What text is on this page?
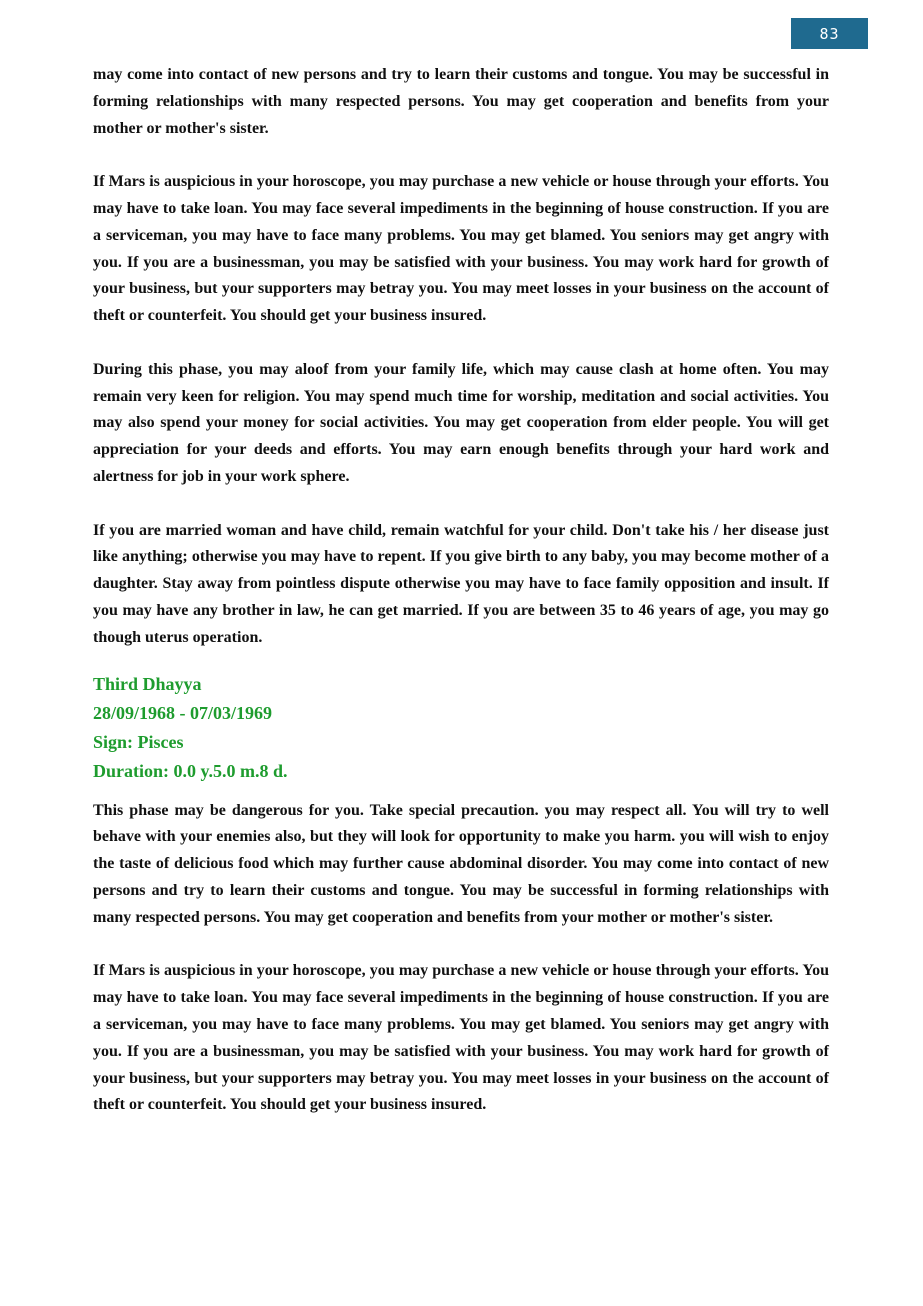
83

may come into contact of new persons and try to learn their customs and tongue. You may be successful in forming relationships with many respected persons. You may get cooperation and benefits from your mother or mother's sister.

If Mars is auspicious in your horoscope, you may purchase a new vehicle or house through your efforts. You may have to take loan. You may face several impediments in the beginning of house construction. If you are a serviceman, you may have to face many problems. You may get blamed. You seniors may get angry with you. If you are a businessman, you may be satisfied with your business. You may work hard for growth of your business, but your supporters may betray you. You may meet losses in your business on the account of theft or counterfeit. You should get your business insured.

During this phase, you may aloof from your family life, which may cause clash at home often. You may remain very keen for religion. You may spend much time for worship, meditation and social activities. You may also spend your money for social activities. You may get cooperation from elder people. You will get appreciation for your deeds and efforts. You may earn enough benefits through your hard work and alertness for job in your work sphere.

If you are married woman and have child, remain watchful for your child. Don't take his / her disease just like anything; otherwise you may have to repent. If you give birth to any baby, you may become mother of a daughter. Stay away from pointless dispute otherwise you may have to face family opposition and insult. If you may have any brother in law, he can get married. If you are between 35 to 46 years of age, you may go though uterus operation.

Third Dhayya
28/09/1968 - 07/03/1969
Sign: Pisces
Duration: 0.0 y.5.0 m.8 d.

This phase may be dangerous for you. Take special precaution. you may respect all. You will try to well behave with your enemies also, but they will look for opportunity to make you harm. you will wish to enjoy the taste of delicious food which may further cause abdominal disorder. You may come into contact of new persons and try to learn their customs and tongue. You may be successful in forming relationships with many respected persons. You may get cooperation and benefits from your mother or mother's sister.

If Mars is auspicious in your horoscope, you may purchase a new vehicle or house through your efforts. You may have to take loan. You may face several impediments in the beginning of house construction. If you are a serviceman, you may have to face many problems. You may get blamed. You seniors may get angry with you. If you are a businessman, you may be satisfied with your business. You may work hard for growth of your business, but your supporters may betray you. You may meet losses in your business on the account of theft or counterfeit. You should get your business insured.
